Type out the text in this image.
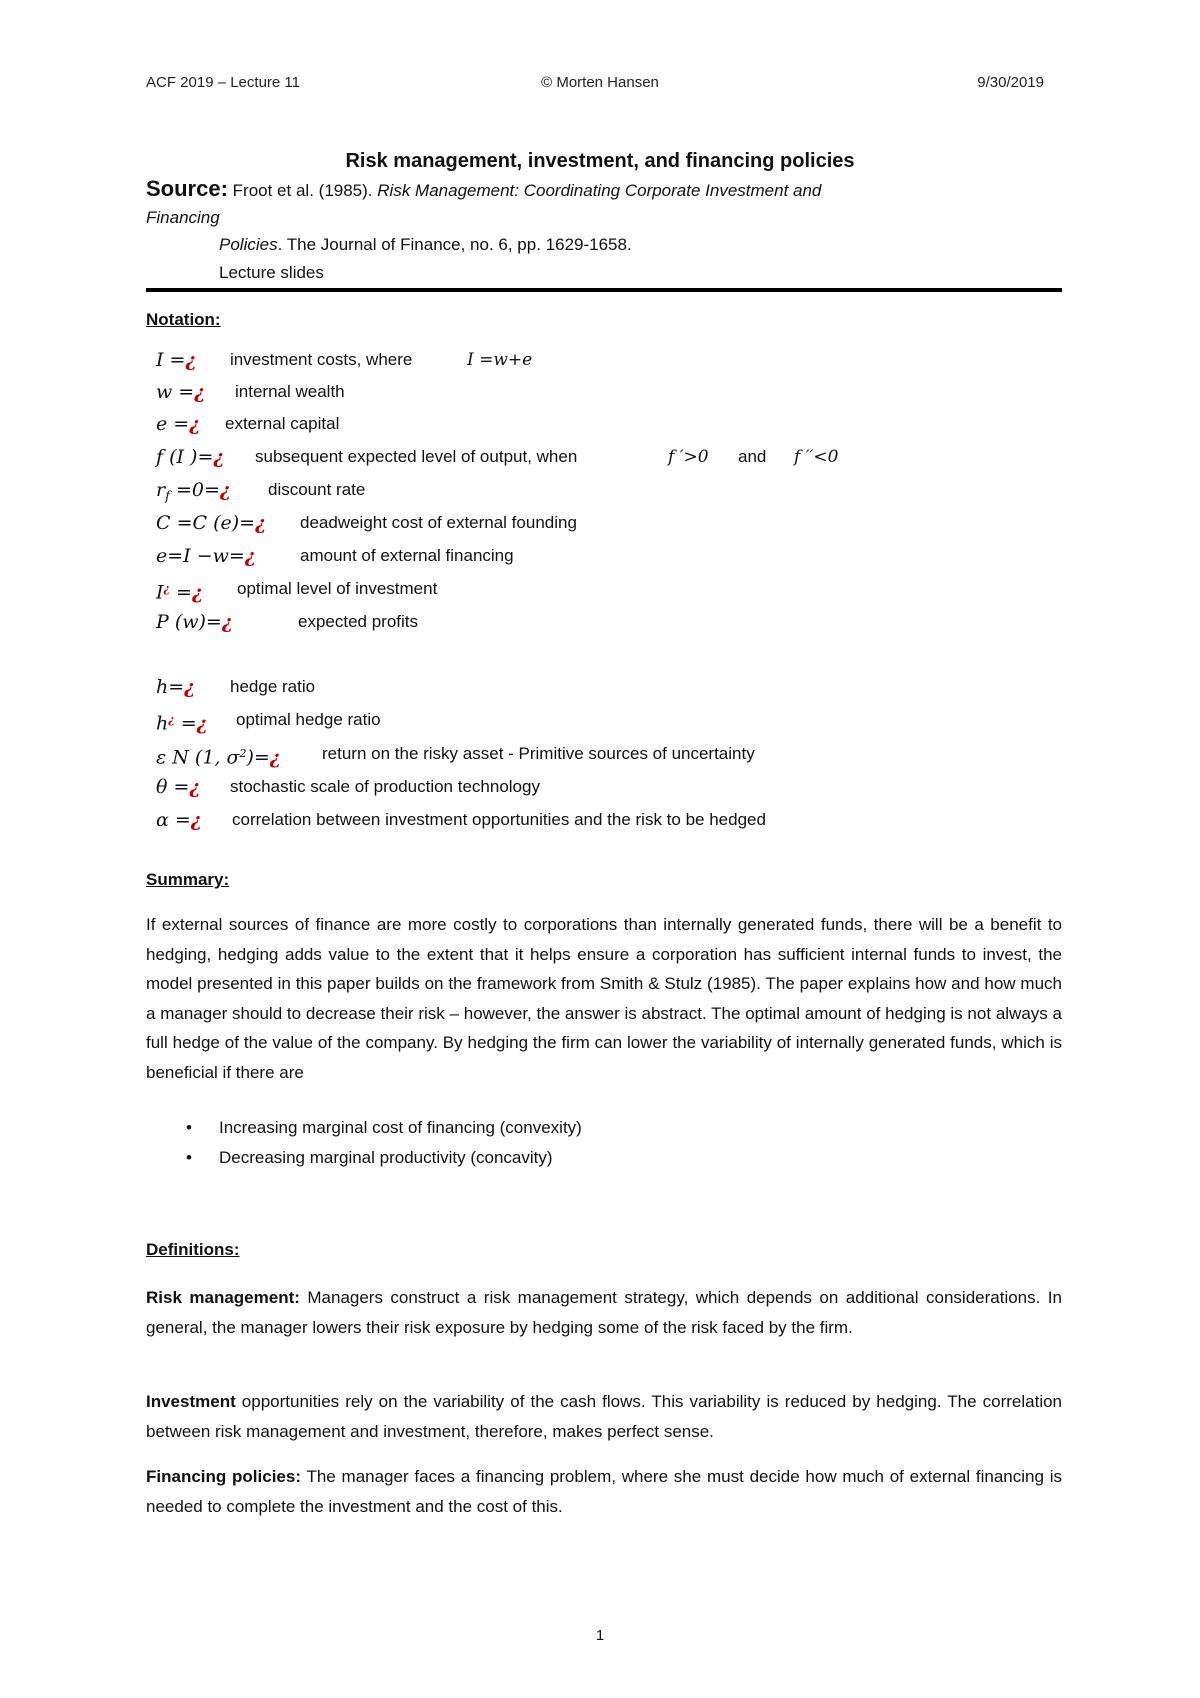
ACF 2019 – Lecture 11	© Morten Hansen	9/30/2019
Risk management, investment, and financing policies
Source: Froot et al. (1985). Risk Management: Coordinating Corporate Investment and
Financing
Policies. The Journal of Finance, no. 6, pp. 1629-1658.
Lecture slides
Notation:
I =¿ investment costs, where	I =w+e
w =¿ internal wealth
e =¿ external capital
f (I )=¿ subsequent expected level of output, when	f ′>0 and f ′′<0
$r_f$ =0=¿ discount rate
C =C (e)=¿ deadweight cost of external founding
e=I −w=¿	amount of external financing
I¿ =¿ optimal level of investment
P (w)=¿	expected profits
h=¿ hedge ratio
h¿ =¿ optimal hedge ratio
ε N (1, $\sigma^2)=¿$ return on the risky asset - Primitive sources of uncertainty
θ =¿ stochastic scale of production technology
α =¿ correlation between investment opportunities and the risk to be hedged
Summary:
If external sources of finance are more costly to corporations than internally generated funds, there will be a benefit to hedging, hedging adds value to the extent that it helps ensure a corporation has sufficient internal funds to invest, the model presented in this paper builds on the framework from Smith & Stulz (1985). The paper explains how and how much a manager should to decrease their risk – however, the answer is abstract. The optimal amount of hedging is not always a full hedge of the value of the company. By hedging the firm can lower the variability of internally generated funds, which is beneficial if there are
• Increasing marginal cost of financing (convexity)
• Decreasing marginal productivity (concavity)
Definitions:
Risk management: Managers construct a risk management strategy, which depends on additional considerations. In general, the manager lowers their risk exposure by hedging some of the risk faced by the firm.
Investment opportunities rely on the variability of the cash flows. This variability is reduced by hedging. The correlation between risk management and investment, therefore, makes perfect sense.
Financing policies: The manager faces a financing problem, where she must decide how much of external financing is needed to complete the investment and the cost of this.
1
